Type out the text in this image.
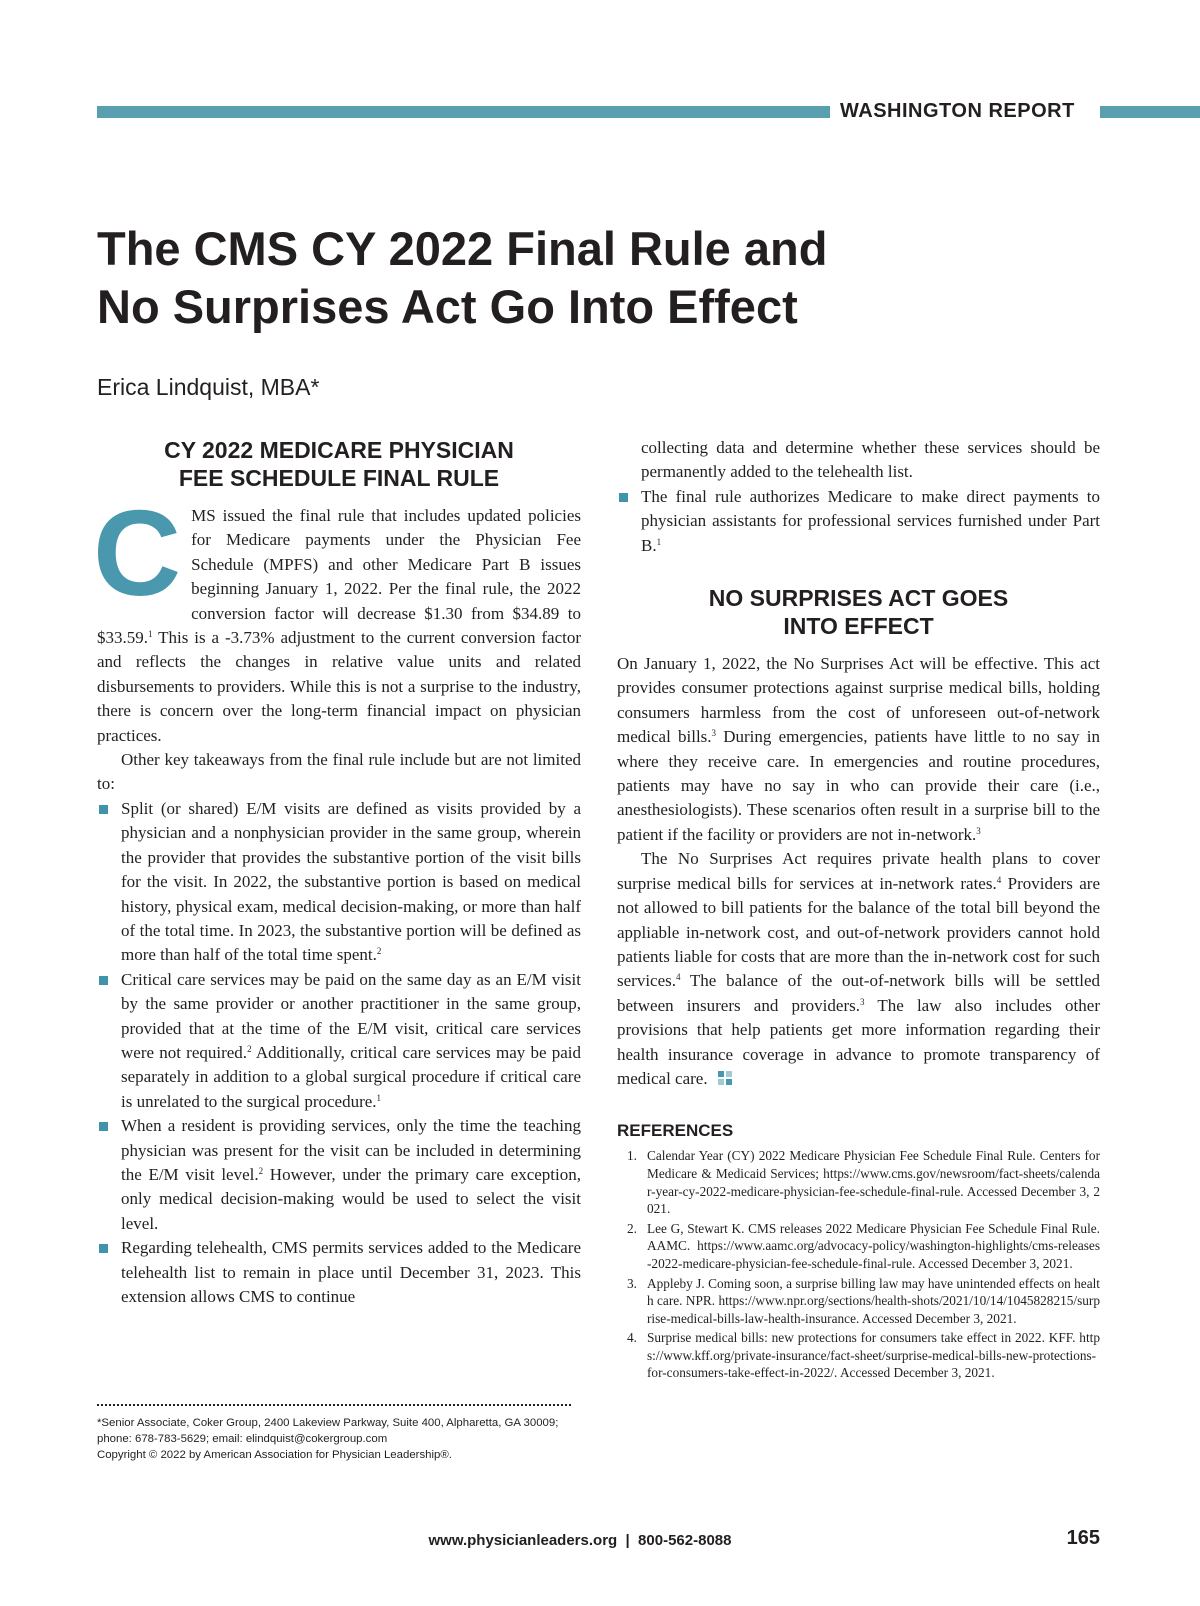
WASHINGTON REPORT
The CMS CY 2022 Final Rule and
No Surprises Act Go Into Effect
Erica Lindquist, MBA*
CY 2022 MEDICARE PHYSICIAN
FEE SCHEDULE FINAL RULE

CMS issued the final rule that includes updated policies for Medicare payments under the Physician Fee Schedule (MPFS) and other Medicare Part B issues beginning January 1, 2022. Per the final rule, the 2022 conversion factor will decrease $1.30 from $34.89 to $33.59.$^1$ This is a -3.73% adjustment to the current conversion factor and reflects the changes in relative value units and related disbursements to providers. While this is not a surprise to the industry, there is concern over the long-term financial impact on physician practices.

Other key takeaways from the final rule include but are not limited to:

Split (or shared) E/M visits are defined as visits provided by a physician and a nonphysician provider in the same group, wherein the provider that provides the substantive portion of the visit bills for the visit. In 2022, the substantive portion is based on medical history, physical exam, medical decision-making, or more than half of the total time. In 2023, the substantive portion will be defined as more than half of the total time spent.$^2$
Critical care services may be paid on the same day as an E/M visit by the same provider or another practitioner in the same group, provided that at the time of the E/M visit, critical care services were not required.$^2$ Additionally, critical care services may be paid separately in addition to a global surgical procedure if critical care is unrelated to the surgical procedure.$^1$
When a resident is providing services, only the time the teaching physician was present for the visit can be included in determining the E/M visit level.$^2$ However, under the primary care exception, only medical decision-making would be used to select the visit level.
Regarding telehealth, CMS permits services added to the Medicare telehealth list to remain in place until December 31, 2023. This extension allows CMS to continue
*Senior Associate, Coker Group, 2400 Lakeview Parkway, Suite 400, Alpharetta, GA 30009; phone: 678-783-5629; email: elindquist@cokergroup.com
Copyright © 2022 by American Association for Physician Leadership®.

collecting data and determine whether these services should be permanently added to the telehealth list.

The final rule authorizes Medicare to make direct payments to physician assistants for professional services furnished under Part B.$^1$
NO SURPRISES ACT GOES
INTO EFFECT

On January 1, 2022, the No Surprises Act will be effective. This act provides consumer protections against surprise medical bills, holding consumers harmless from the cost of unforeseen out-of-network medical bills.$^3$ During emergencies, patients have little to no say in where they receive care. In emergencies and routine procedures, patients may have no say in who can provide their care (i.e., anesthesiologists). These scenarios often result in a surprise bill to the patient if the facility or providers are not in-network.$^3$

The No Surprises Act requires private health plans to cover surprise medical bills for services at in-network rates.$^4$ Providers are not allowed to bill patients for the balance of the total bill beyond the appliable in-network cost, and out-of-network providers cannot hold patients liable for costs that are more than the in-network cost for such services.$^4$ The balance of the out-of-network bills will be settled between insurers and providers.$^3$ The law also includes other provisions that help patients get more information regarding their health insurance coverage in advance to promote transparency of medical care.

REFERENCES
1. Calendar Year (CY) 2022 Medicare Physician Fee Schedule Final Rule. Centers for Medicare & Medicaid Services; https://www.cms.gov/newsroom/fact-sheets/calendar-year-cy-2022-medicare-physician-fee-schedule-final-rule. Accessed December 3, 2021.
2. Lee G, Stewart K. CMS releases 2022 Medicare Physician Fee Schedule Final Rule. AAMC. https://www.aamc.org/advocacy-policy/washington-highlights/cms-releases-2022-medicare-physician-fee-schedule-final-rule. Accessed December 3, 2021.
3. Appleby J. Coming soon, a surprise billing law may have unintended effects on health care. NPR. https://www.npr.org/sections/health-shots/2021/10/14/1045828215/surprise-medical-bills-law-health-insurance. Accessed December 3, 2021.
4. Surprise medical bills: new protections for consumers take effect in 2022. KFF. https://www.kff.org/private-insurance/fact-sheet/surprise-medical-bills-new-protections-for-consumers-take-effect-in-2022/. Accessed December 3, 2021.
www.physicianleaders.org  |  800-562-8088	165
